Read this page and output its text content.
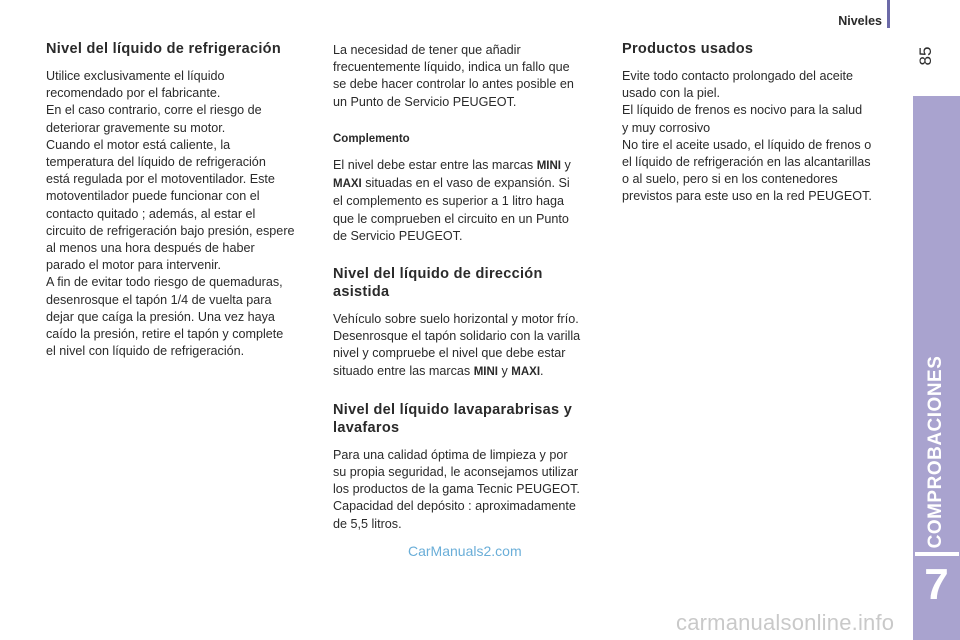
Niveles
85
COMPROBACIONES
7
Nivel del líquido de refrigeración

Utilice exclusivamente el líquido

recomendado por el fabricante.

En el caso contrario, corre el riesgo de

deteriorar gravemente su motor.

Cuando el motor está caliente, la

temperatura del líquido de refrigeración

está regulada por el motoventilador. Este

motoventilador puede funcionar con el

contacto quitado ; además, al estar el

circuito de refrigeración bajo presión, espere

al menos una hora después de haber

parado el motor para intervenir.

A fin de evitar todo riesgo de quemaduras,

desenrosque el tapón 1/4 de vuelta para

dejar que caíga la presión. Una vez haya

caído la presión, retire el tapón y complete

el nivel con líquido de refrigeración.

La necesidad de tener que añadir

frecuentemente líquido, indica un fallo que

se debe hacer controlar lo antes posible en

un Punto de Servicio PEUGEOT.

Complemento

El nivel debe estar entre las marcas MINI y

MAXI situadas en el vaso de expansión. Si

el complemento es superior a 1 litro haga

que le comprueben el circuito en un Punto

de Servicio PEUGEOT.

Nivel del líquido de dirección
asistida

Vehículo sobre suelo horizontal y motor frío.

Desenrosque el tapón solidario con la varilla

nivel y compruebe el nivel que debe estar

situado entre las marcas MINI y MAXI.

Nivel del líquido lavaparabrisas y
lavafaros

Para una calidad óptima de limpieza y por

su propia seguridad, le aconsejamos utilizar

los productos de la gama Tecnic PEUGEOT.

Capacidad del depósito : aproximadamente

de 5,5 litros.

Productos usados

Evite todo contacto prolongado del aceite

usado con la piel.

El líquido de frenos es nocivo para la salud

y muy corrosivo

No tire el aceite usado, el líquido de frenos o

el líquido de refrigeración en las alcantarillas

o al suelo, pero si en los contenedores

previstos para este uso en la red PEUGEOT.

CarManuals2.com
carmanualsonline.info
